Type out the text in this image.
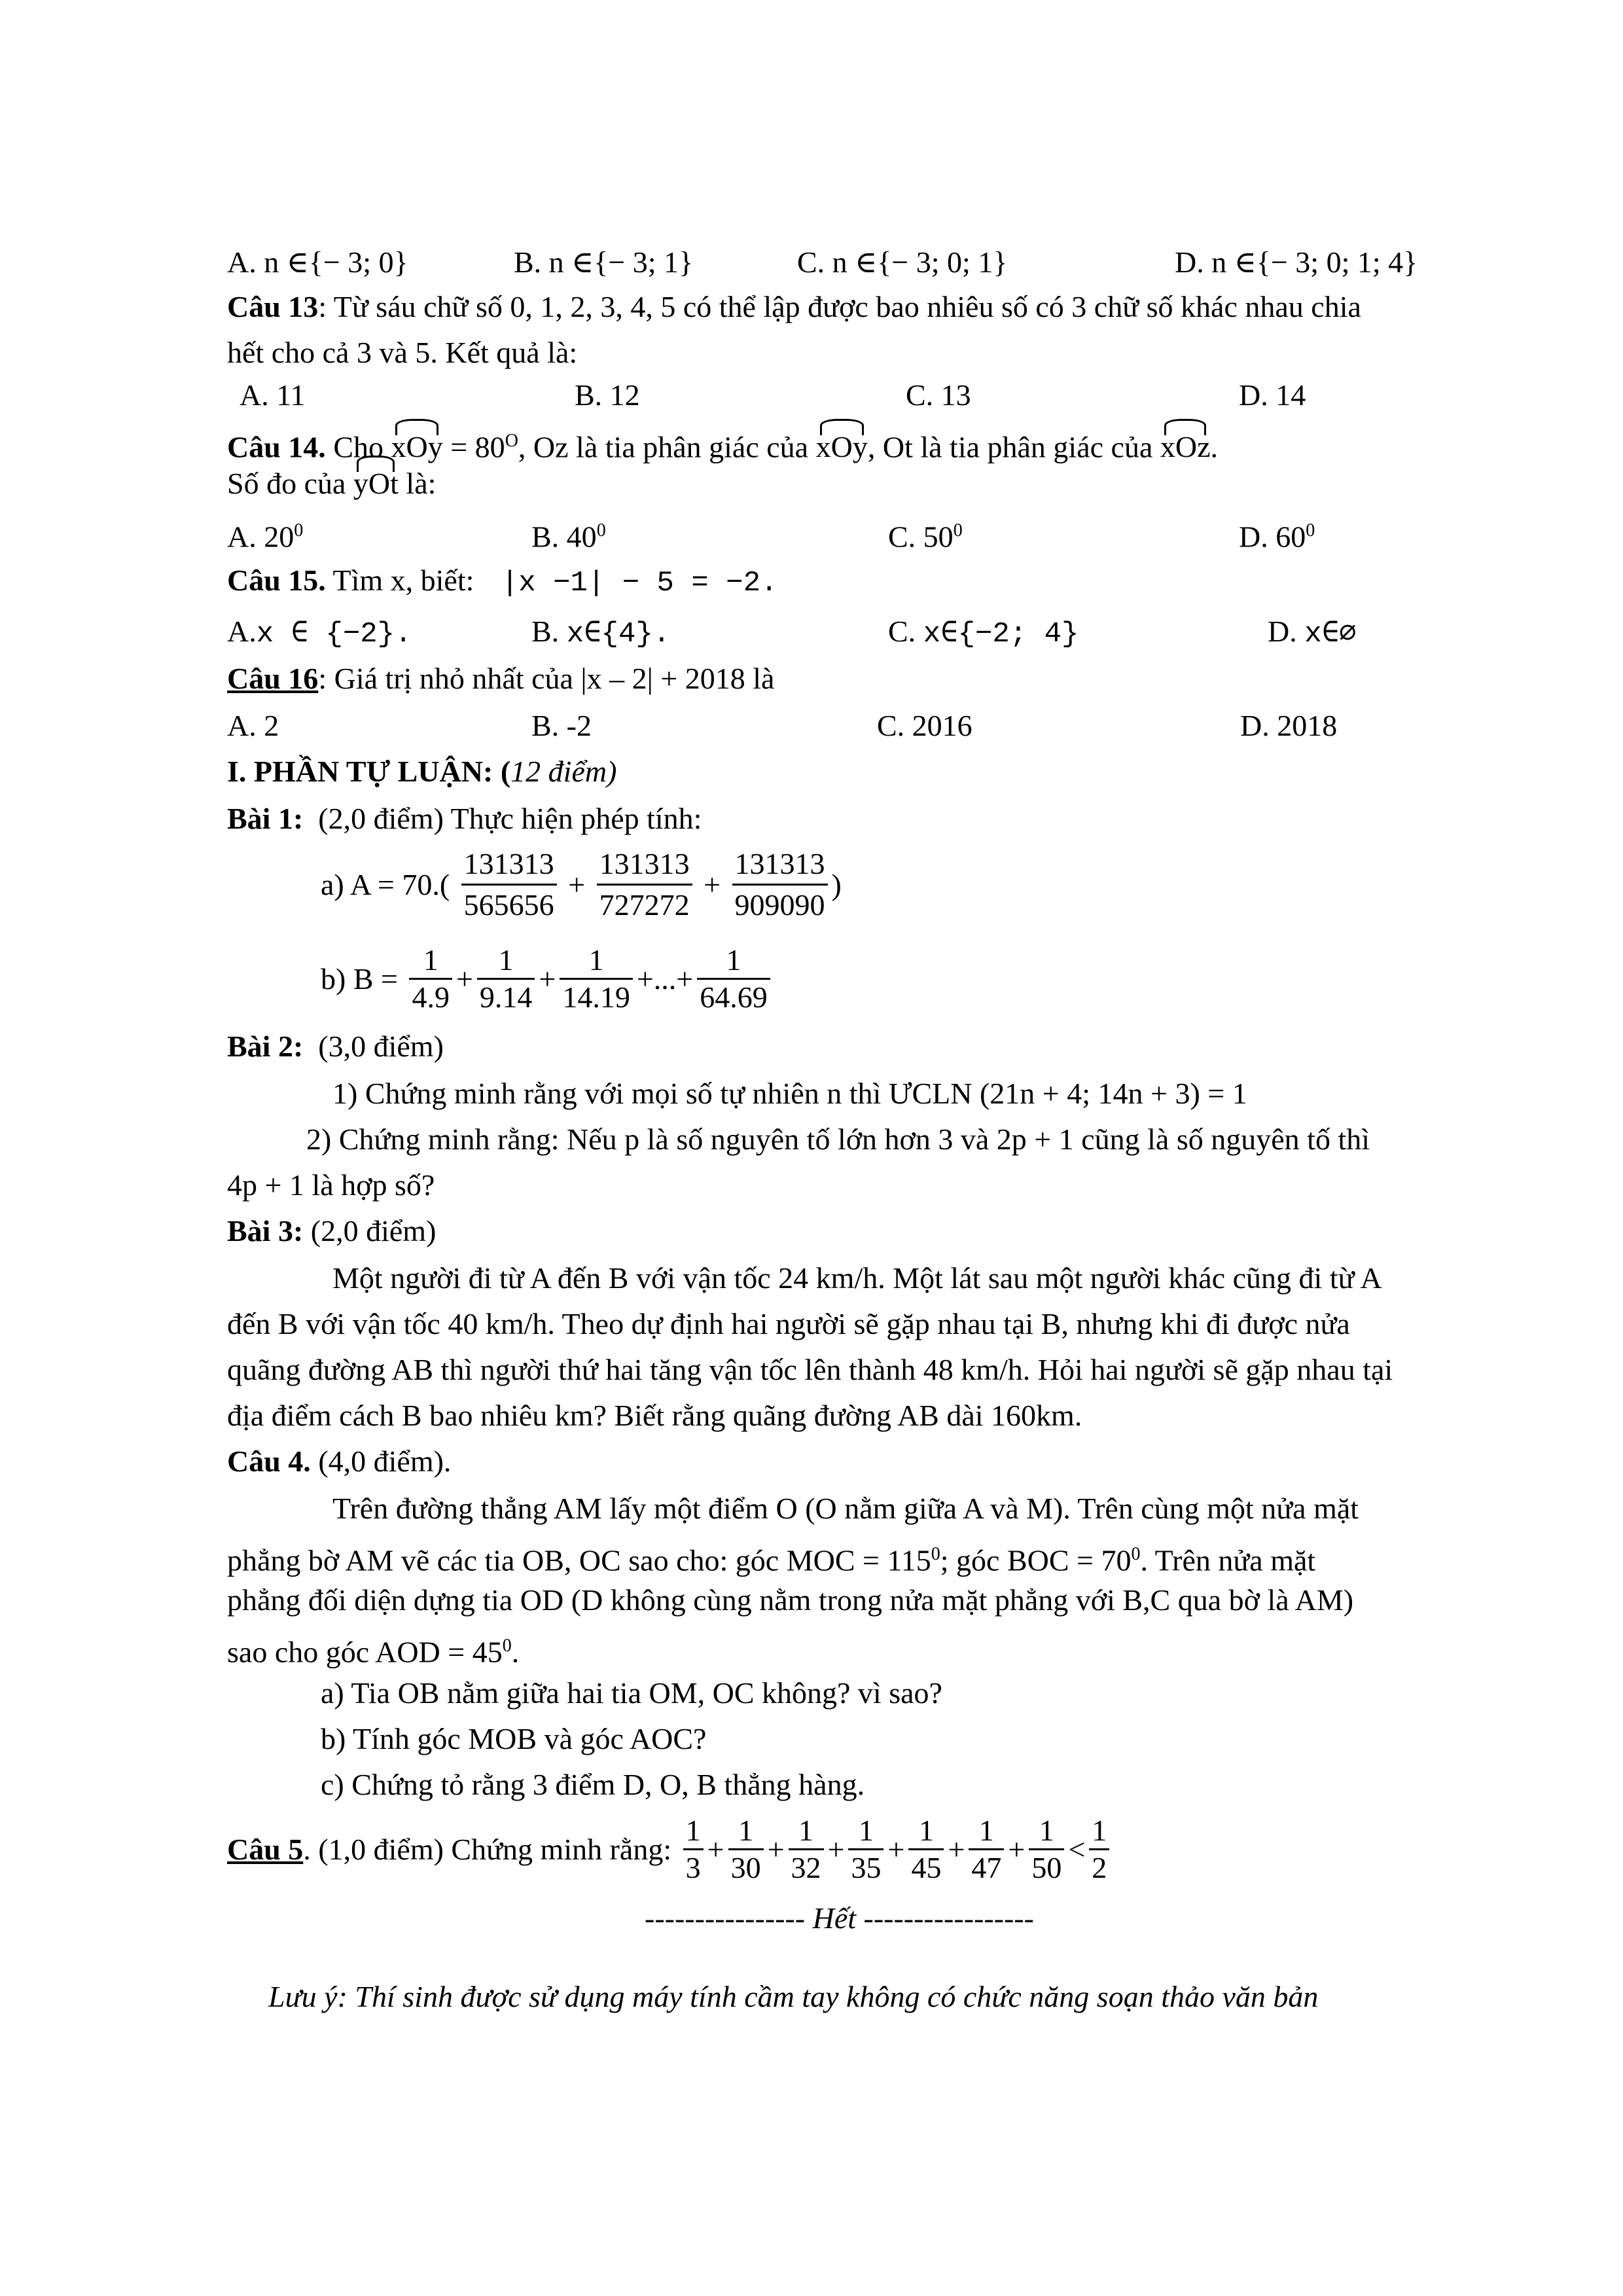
A. n ∈{− 3; 0}	B. n ∈{− 3; 1}	C. n ∈{− 3; 0; 1}	D. n ∈{− 3; 0; 1; 4}
Câu 13: Từ sáu chữ số 0, 1, 2, 3, 4, 5 có thể lập được bao nhiêu số có 3 chữ số khác nhau chia
hết cho cả 3 và 5. Kết quả là:
A. 11	B. 12	C. 13	D. 14
Câu 14. Cho xOy = $80^O$, Oz là tia phân giác của xOy, Ot là tia phân giác của xOz.
Số đo của yOt là:
A. $20^0$	B. $40^0$	C. $50^0$	D. $60^0$
Câu 15. Tìm x, biết: |x −1| − 5 = −2.
A.x ∈ {−2}.	B. x∈{4}.	C. x∈{−2; 4}	D. x∈∅
Câu 16: Giá trị nhỏ nhất của |x – 2| + 2018 là
A. 2	B. -2	C. 2016	D. 2018
I. PHẦN TỰ LUẬN: (12 điểm)
Bài 1: (2,0 điểm) Thực hiện phép tính:
a) $A = 70.( \frac{131313}{565656} + \frac{131313}{727272} + \frac{131313}{909090}$ )
b) $B = \frac{1}{4.9} + \frac{1}{9.14} + \frac{1}{14.19}$ +...+ $\frac{1}{64.69}$
Bài 2: (3,0 điểm)
1) Chứng minh rằng với mọi số tự nhiên n thì ƯCLN (21n + 4; 14n + 3) = 1
2) Chứng minh rằng: Nếu p là số nguyên tố lớn hơn 3 và 2p + 1 cũng là số nguyên tố thì
4p + 1 là hợp số?
Bài 3: (2,0 điểm)
Một người đi từ A đến B với vận tốc 24 km/h. Một lát sau một người khác cũng đi từ A
đến B với vận tốc 40 km/h. Theo dự định hai người sẽ gặp nhau tại B, nhưng khi đi được nửa
quãng đường AB thì người thứ hai tăng vận tốc lên thành 48 km/h. Hỏi hai người sẽ gặp nhau tại
địa điểm cách B bao nhiêu km? Biết rằng quãng đường AB dài 160km.
Câu 4. (4,0 điểm).
Trên đường thẳng AM lấy một điểm O (O nằm giữa A và M). Trên cùng một nửa mặt
phẳng bờ AM vẽ các tia OB, OC sao cho: góc MOC = $115^0$; góc BOC = $70^0$. Trên nửa mặt
phẳng đối diện dựng tia OD (D không cùng nằm trong nửa mặt phẳng với B,C qua bờ là AM)
sao cho góc AOD = $45^0$.
a) Tia OB nằm giữa hai tia OM, OC không? vì sao?
b) Tính góc MOB và góc AOC?
c) Chứng tỏ rằng 3 điểm D, O, B thẳng hàng.
Câu 5. (1,0 điểm) Chứng minh rằng: $\frac{1}{3} + \frac{1}{30} + \frac{1}{32} + \frac{1}{35} + \frac{1}{45} + \frac{1}{47} + \frac{1}{50} < \frac{1}{2}$
---------------- Hết -----------------
Lưu ý: Thí sinh được sử dụng máy tính cầm tay không có chức năng soạn thảo văn bản
